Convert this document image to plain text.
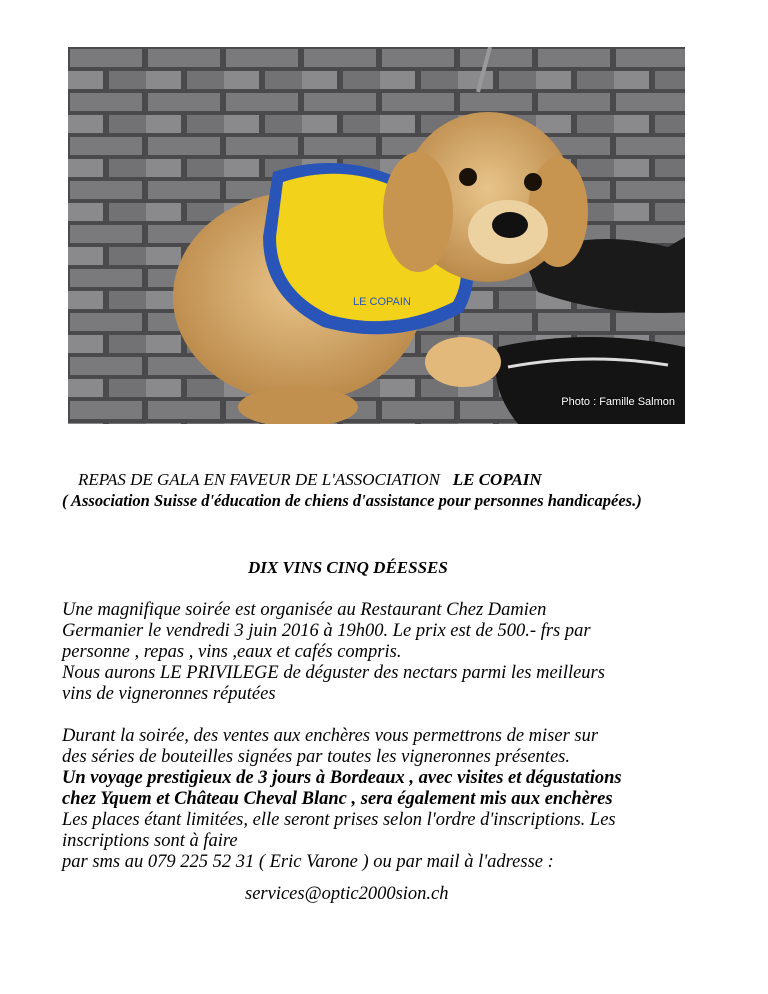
LE COPAIN
Photo : Famille Salmon
REPAS DE GALA EN FAVEUR DE L'ASSOCIATION LE COPAIN
( Association Suisse d'éducation de chiens d'assistance pour personnes handicapées.)
DIX VINS CINQ DÉESSES
Une magnifique soirée est organisée au Restaurant Chez Damien
Germanier le vendredi 3 juin 2016 à 19h00. Le prix est de 500.- frs par
personne , repas , vins ,eaux et cafés compris.
Nous aurons LE PRIVILEGE de déguster des nectars parmi les meilleurs
vins de vigneronnes réputées
Durant la soirée, des ventes aux enchères vous permettrons de miser sur
des séries de bouteilles signées par toutes les vigneronnes présentes.
Un voyage prestigieux de 3 jours à Bordeaux , avec visites et dégustations
chez Yquem et Château Cheval Blanc , sera également mis aux enchères
Les places étant limitées, elle seront prises selon l'ordre d'inscriptions. Les
inscriptions sont à faire
par sms au 079 225 52 31 ( Eric Varone ) ou par mail à l'adresse :
services@optic2000sion.ch
